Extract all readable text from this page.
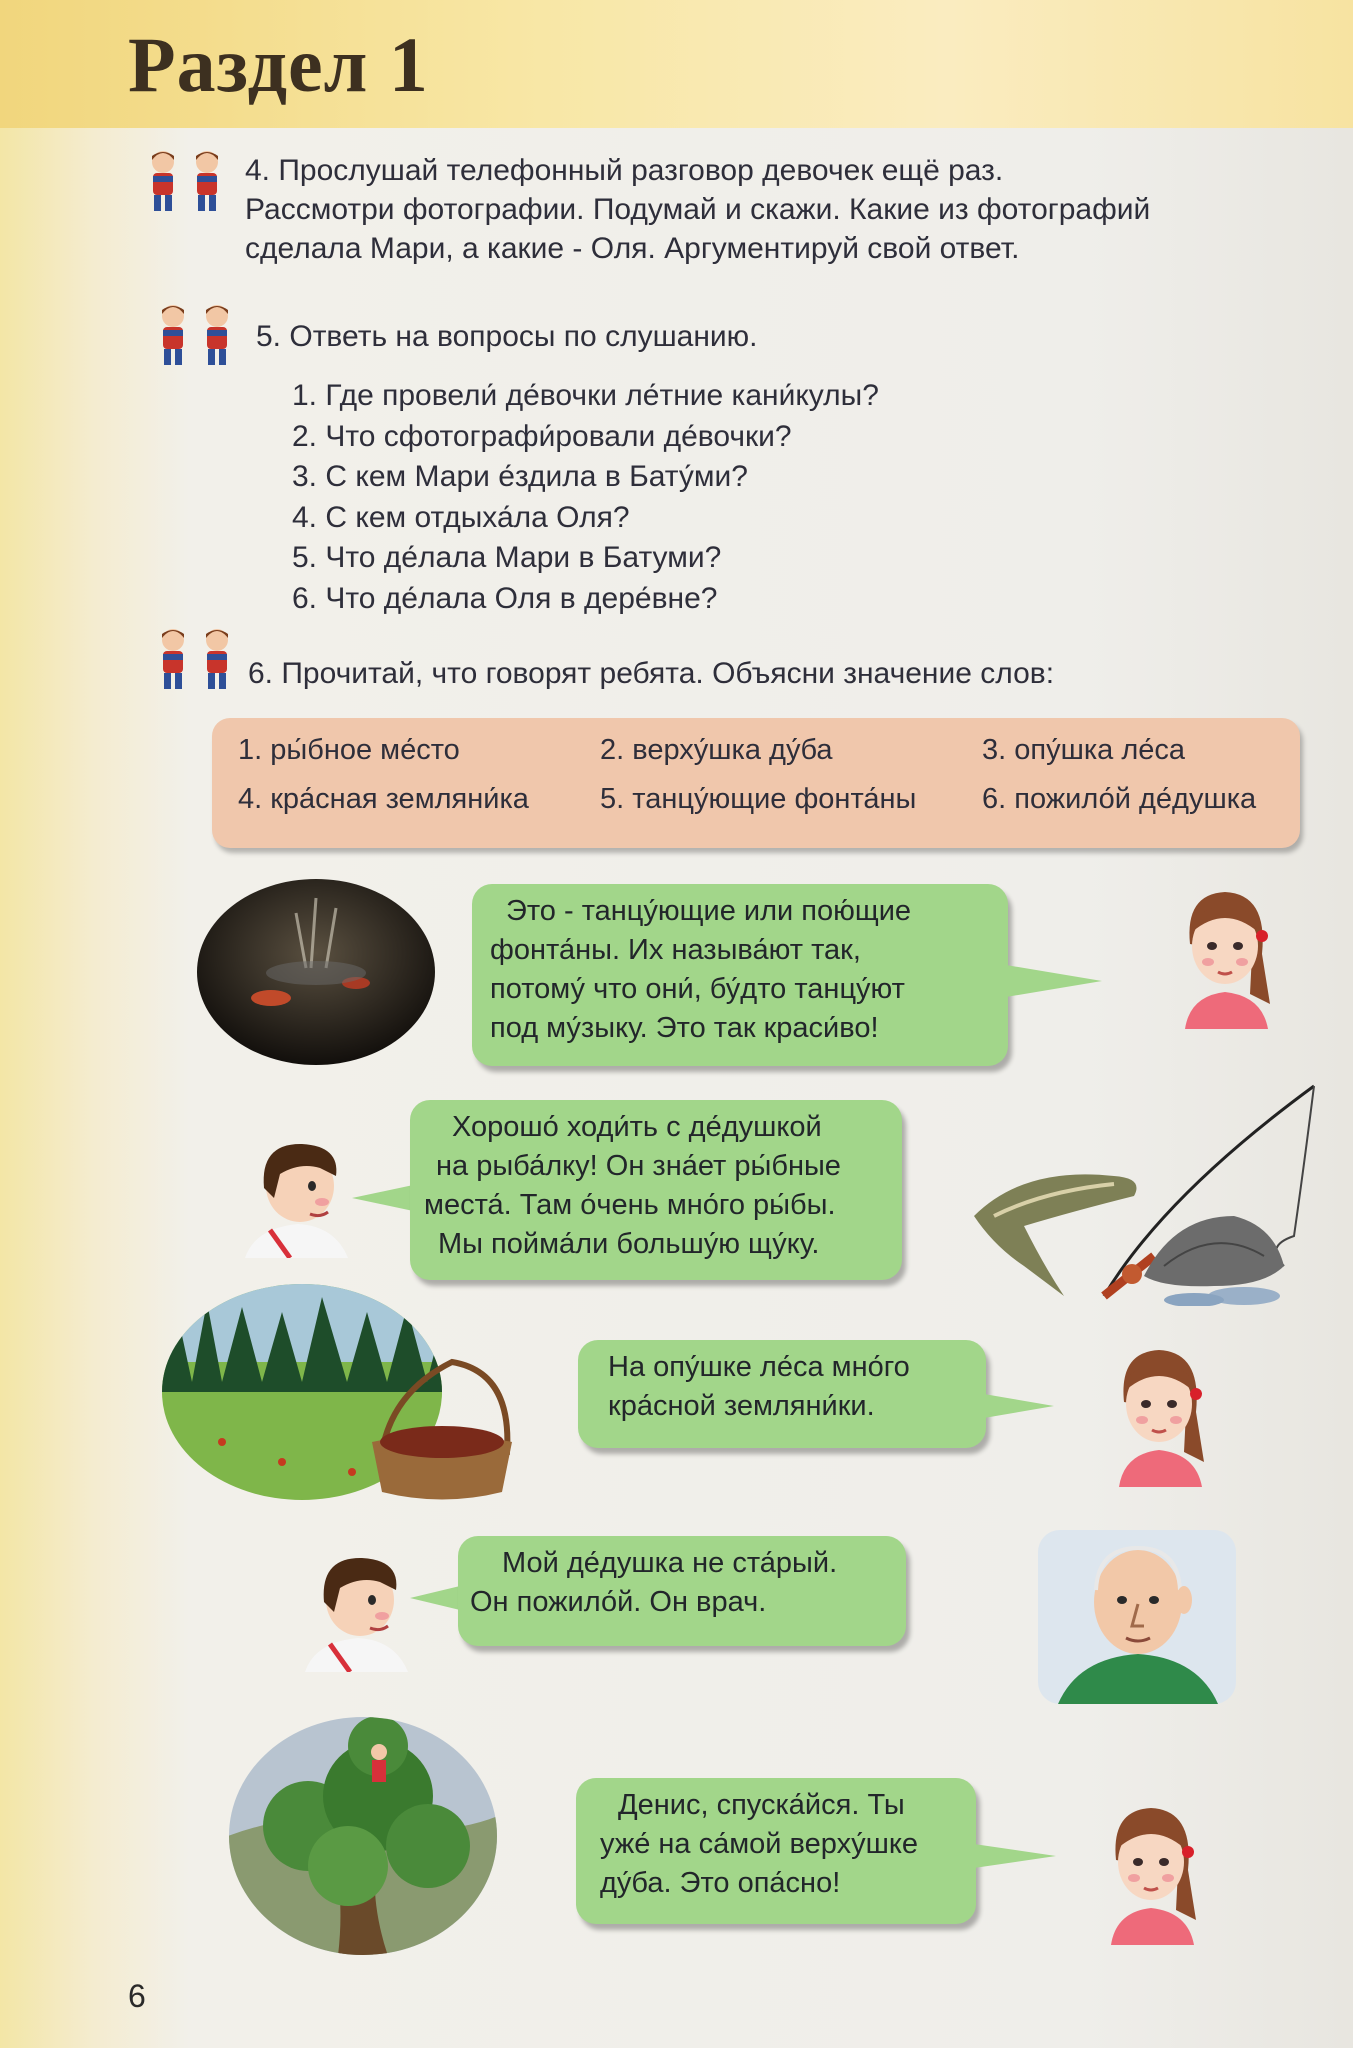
Раздел 1

4. Прослушай телефонный разговор девочек ещё раз.

Рассмотри фотографии. Подумай и скажи. Какие из фотографий

сделала Мари, а какие - Оля. Аргументируй свой ответ.

5. Ответь на вопросы по слушанию.

1. Где провели́ де́вочки ле́тние кани́кулы?
2. Что сфотографи́ровали де́вочки?
3. С кем Мари е́здила в Бату́ми?
4. С кем отдыха́ла Оля?
5. Что де́лала Мари в Батуми?
6. Что де́лала Оля в дере́вне?

6. Прочитай, что говорят ребята. Объясни значение слов:

1. ры́бное ме́сто	2. верху́шка ду́ба	3. опу́шка ле́са
4. кра́сная земляни́ка 5. танцу́ющие фонта́ны 6. пожило́й де́душка
Это - танцу́ющие или пою́щие
фонта́ны. Их называ́ют так,
потому́ что они́, бу́дто танцу́ют
под му́зыку. Это так краси́во!
Хорошо́ ходи́ть с де́душкой
на рыба́лку! Он зна́ет ры́бные
места́. Там о́чень мно́го ры́бы.
Мы пойма́ли большу́ю щу́ку.
На опу́шке ле́са мно́го
кра́сной земляни́ки.
Мой де́душка не ста́рый.
Он пожило́й. Он врач.
Денис, спуска́йся. Ты
уже́ на са́мой верху́шке
ду́ба. Это опа́сно!

6
